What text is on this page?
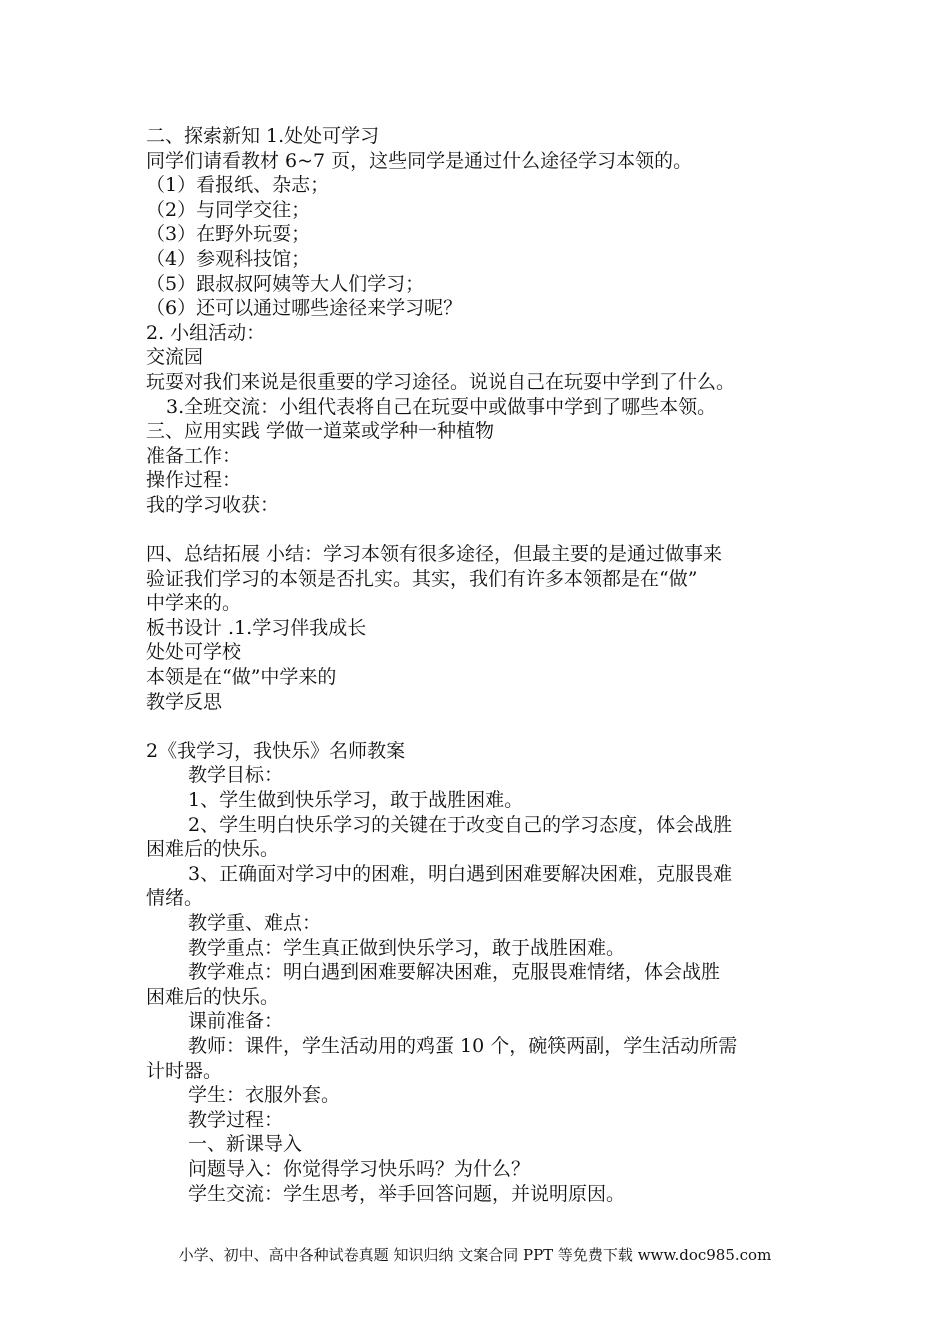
二、探索新知 1.处处可学习
同学们请看教材 6~7 页，这些同学是通过什么途径学习本领的。
（1）看报纸、杂志；
（2）与同学交往；
（3）在野外玩耍；
（4）参观科技馆；
（5）跟叔叔阿姨等大人们学习；
（6）还可以通过哪些途径来学习呢？
2. 小组活动：
交流园
玩耍对我们来说是很重要的学习途径。说说自己在玩耍中学到了什么。
3.全班交流：小组代表将自己在玩耍中或做事中学到了哪些本领。
三、应用实践 学做一道菜或学种一种植物
准备工作：
操作过程：
我的学习收获：
四、总结拓展 小结：学习本领有很多途径，但最主要的是通过做事来
验证我们学习的本领是否扎实。其实，我们有许多本领都是在“做”
中学来的。
板书设计 .1.学习伴我成长
处处可学校
本领是在“做”中学来的
教学反思
2《我学习，我快乐》名师教案
教学目标：
1、学生做到快乐学习，敢于战胜困难。
2、学生明白快乐学习的关键在于改变自己的学习态度，体会战胜
困难后的快乐。
3、正确面对学习中的困难，明白遇到困难要解决困难，克服畏难
情绪。
教学重、难点：
教学重点：学生真正做到快乐学习，敢于战胜困难。
教学难点：明白遇到困难要解决困难，克服畏难情绪，体会战胜
困难后的快乐。
课前准备：
教师：课件，学生活动用的鸡蛋 10 个，碗筷两副，学生活动所需
计时器。
学生：衣服外套。
教学过程：
一、新课导入
问题导入：你觉得学习快乐吗？为什么？
学生交流：学生思考，举手回答问题，并说明原因。
小学、初中、高中各种试卷真题 知识归纳 文案合同 PPT 等免费下载 www.doc985.com
